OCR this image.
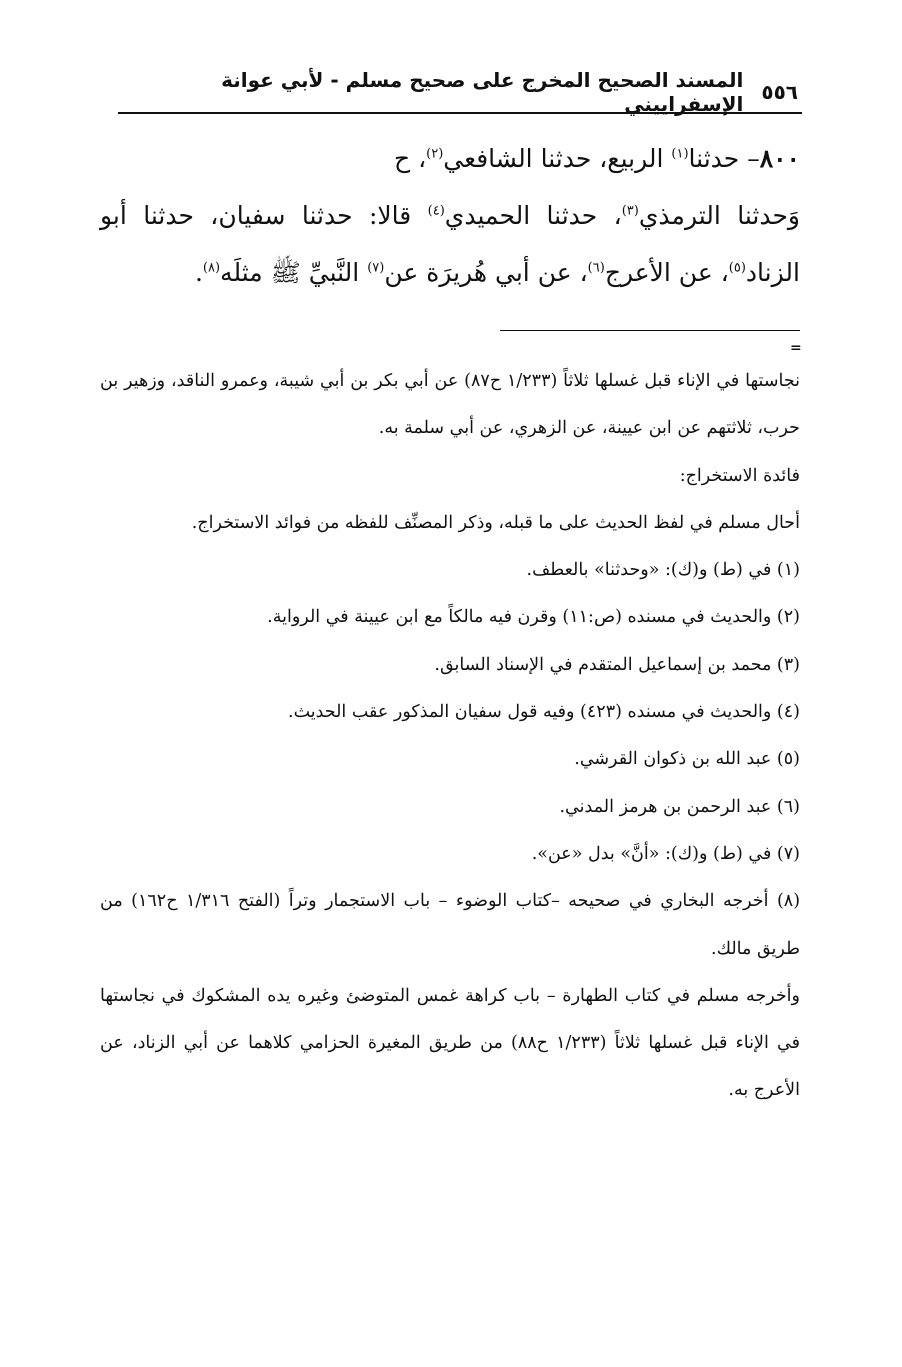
٥٥٦
المسند الصحيح المخرج على صحيح مسلم - لأبي عوانة الإسفراييني

٨٠٠– حدثنا$^{(١)}$ الربيع، حدثنا الشافعي$^{(٢)}$، ح

وَحدثنا الترمذي$^{(٣)}$، حدثنا الحميدي$^{(٤)}$ قالا: حدثنا سفيان، حدثنا أبو الزناد$^{(٥)}$، عن الأعرج$^{(٦)}$، عن أبي هُريرَة عن$^{(٧)}$ النَّبيِّ ﷺ مثلَه$^{(٨)}$.

=

نجاستها في الإناء قبل غسلها ثلاثاً (١/٢٣٣ ح٨٧) عن أبي بكر بن أبي شيبة، وعمرو الناقد، وزهير بن حرب، ثلاثتهم عن ابن عيينة، عن الزهري، عن أبي سلمة به.

فائدة الاستخراج:

أحال مسلم في لفظ الحديث على ما قبله، وذكر المصنِّف للفظه من فوائد الاستخراج.

(١) في (ط) و(ك): «وحدثنا» بالعطف.

(٢) والحديث في مسنده (ص:١١) وقرن فيه مالكاً مع ابن عيينة في الرواية.

(٣) محمد بن إسماعيل المتقدم في الإسناد السابق.

(٤) والحديث في مسنده (٤٢٣) وفيه قول سفيان المذكور عقب الحديث.

(٥) عبد الله بن ذكوان القرشي.

(٦) عبد الرحمن بن هرمز المدني.

(٧) في (ط) و(ك): «أنَّ» بدل «عن».

(٨) أخرجه البخاري في صحيحه –كتاب الوضوء – باب الاستجمار وتراً (الفتح ١/٣١٦ ح١٦٢) من طريق مالك.

وأخرجه مسلم في كتاب الطهارة – باب كراهة غمس المتوضئ وغيره يده المشكوك في نجاستها في الإناء قبل غسلها ثلاثاً (١/٢٣٣ ح٨٨) من طريق المغيرة الحزامي كلاهما عن أبي الزناد، عن الأعرج به.
